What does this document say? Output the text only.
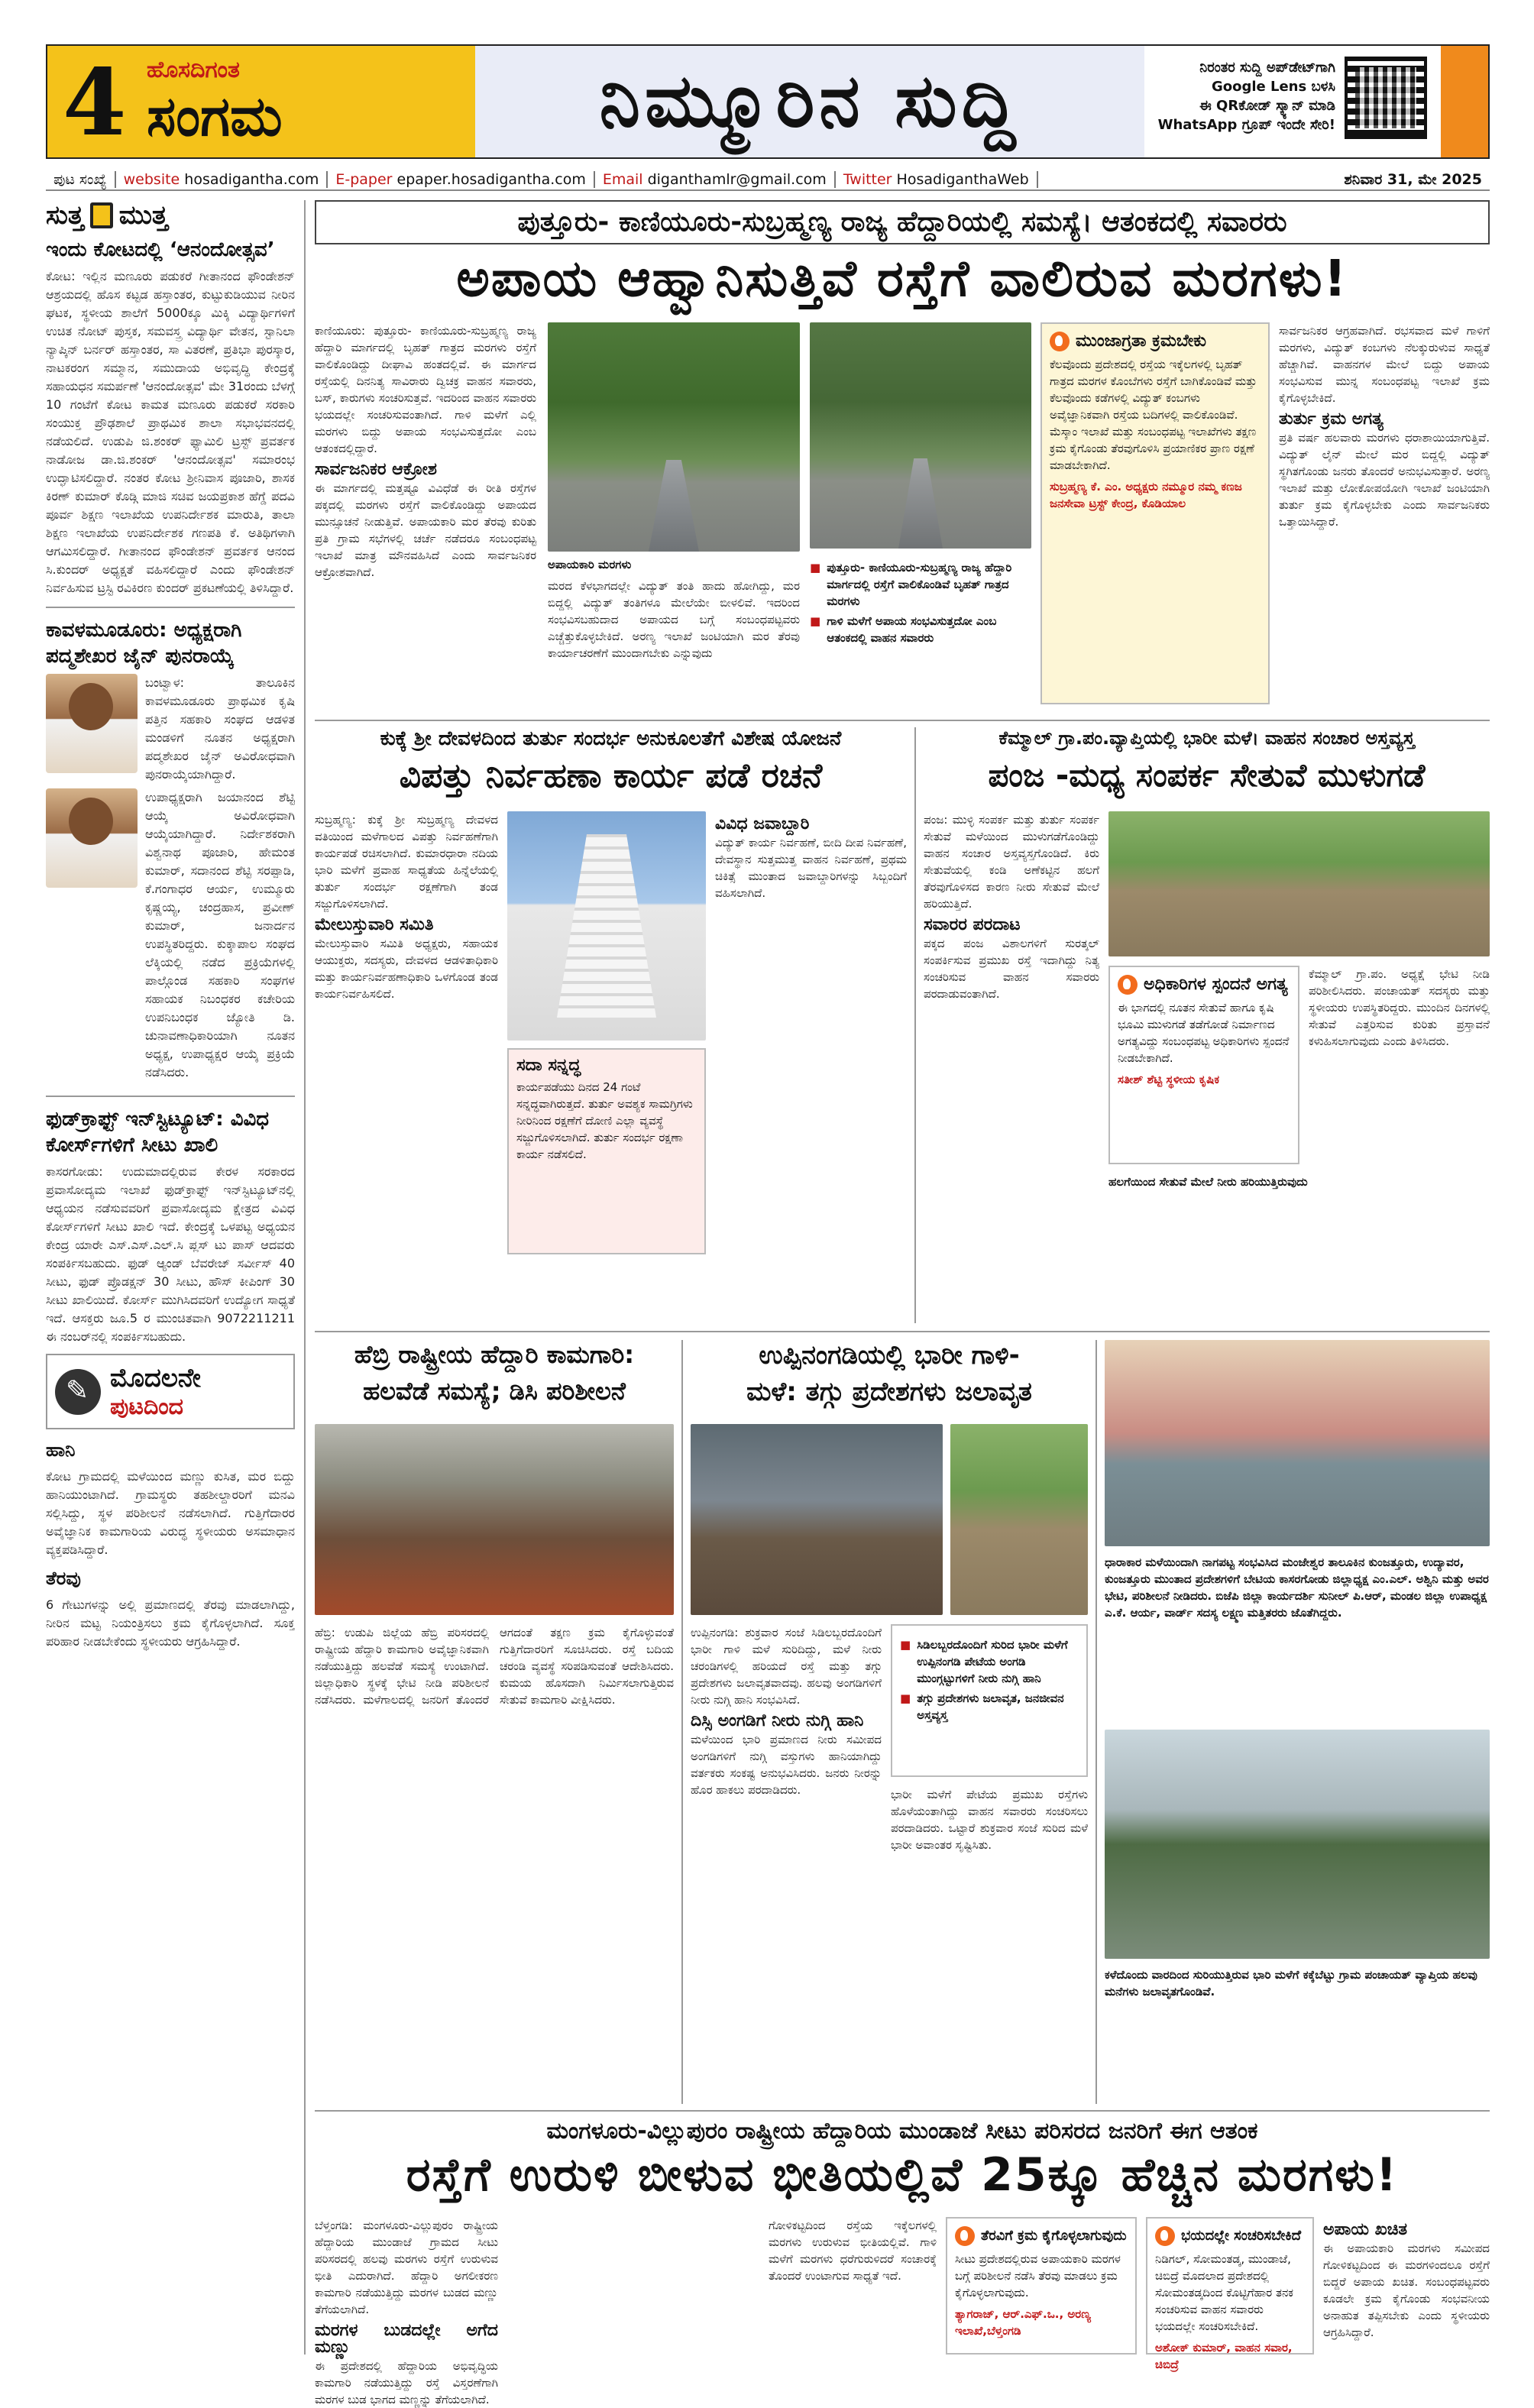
4 ಹೊಸದಿಗಂತ
ಸಂಗಮ	ನಿಮ್ಮೂರಿನ ಸುದ್ದಿ	ನಿರಂತರ ಸುದ್ದಿ ಅಪ್‌ಡೇಟ್‌ಗಾಗಿ
Google Lens ಬಳಸಿ
ಈ QRಕೋಡ್ ಸ್ಕ್ಯಾನ್ ಮಾಡಿ
WhatsApp ಗ್ರೂಪ್ ಇಂದೇ ಸೇರಿ!
ಪುಟ ಸಂಖ್ಯೆ	website hosadigantha.com	E-paper epaper.hosadigantha.com	Email diganthamlr@gmail.com	Twitter HosadiganthaWeb	ಶನಿವಾರ 31, ಮೇ 2025
ಸುತ್ತ ಮುತ್ತ
ಇಂದು ಕೋಟದಲ್ಲಿ ‘ಆನಂದೋತ್ಸವ’
ಕೋಟ: ಇಲ್ಲಿನ ಮಣೂರು ಪಡುಕರೆ ಗೀತಾನಂದ ಫೌಂಡೇಶನ್ ಆಶ್ರಯದಲ್ಲಿ ಹೊಸ ಕಟ್ಟಡ ಹಸ್ತಾಂತರ, ಕುಟ್ಟುಕುಡಿಯುವ ನೀರಿನ ಘಟಕ, ಸ್ಥಳೀಯ ಶಾಲೆಗೆ 5000ಕ್ಕೂ ಮಿಕ್ಕಿ ವಿದ್ಯಾರ್ಥಿಗಳಿಗೆ ಉಚಿತ ನೋಟ್ ಪುಸ್ತಕ, ಸಮವಸ್ತ್ರ ವಿದ್ಯಾರ್ಥಿ ವೇತನ, ಸ್ಟಾನಿಲಾ ನ್ಯಾಪ್ಕಿನ್ ಬರ್ನರ್ ಹಸ್ತಾಂತರ, ಸಾ ವಿತರಣೆ, ಪ್ರತಿಭಾ ಪುರಸ್ಕಾರ, ನಾಟಕರಂಗ ಸಮ್ಮಾನ, ಸಮುದಾಯ ಅಭಿವೃದ್ಧಿ ಕೇಂದ್ರಕ್ಕೆ ಸಹಾಯಧನ ಸಮರ್ಪಣೆ 'ಆನಂದೋತ್ಸವ' ಮೇ 31ರಂದು ಬೆಳಗ್ಗೆ 10 ಗಂಟೆಗೆ ಕೋಟ ಕಾಮತ ಮಣೂರು ಪಡುಕರೆ ಸರಕಾರಿ ಸಂಯುಕ್ತ ಪ್ರೌಢಶಾಲೆ ಪ್ರಾಥಮಿಕ ಶಾಲಾ ಸಭಾಭವನದಲ್ಲಿ ನಡೆಯಲಿದೆ. ಉಡುಪಿ ಜಿ.ಶಂಕರ್ ಫ್ಯಾಮಿಲಿ ಟ್ರಸ್ಟ್ ಪ್ರವರ್ತಕ ನಾಡೋಜ ಡಾ.ಜಿ.ಶಂಕರ್ 'ಆನಂದೋತ್ಸವ' ಸಮಾರಂಭ ಉದ್ಘಾಟಿಸಲಿದ್ದಾರೆ. ನಂತರ ಕೋಟ ಶ್ರೀನಿವಾಸ ಪೂಜಾರಿ, ಶಾಸಕ ಕಿರಣ್ ಕುಮಾರ್ ಕೊಡ್ಗಿ ಮಾಜಿ ಸಚಿವ ಜಯಪ್ರಕಾಶ ಹೆಗ್ಡೆ ಪದವಿ ಪೂರ್ವ ಶಿಕ್ಷಣ ಇಲಾಖೆಯ ಉಪನಿರ್ದೇಶಕ ಮಾರುತಿ, ತಾಲಾ ಶಿಕ್ಷಣ ಇಲಾಖೆಯ ಉಪನಿರ್ದೇಶಕ ಗಣಪತಿ ಕೆ. ಅತಿಥಿಗಳಾಗಿ ಆಗಮಿಸಲಿದ್ದಾರೆ. ಗೀತಾನಂದ ಫೌಂಡೇಶನ್ ಪ್ರವರ್ತಕ ಆನಂದ ಸಿ.ಕುಂದರ್ ಅಧ್ಯಕ್ಷತೆ ವಹಿಸಲಿದ್ದಾರೆ ಎಂದು ಫೌಂಡೇಶನ್ ನಿರ್ವಹಿಸುವ ಟ್ರಸ್ಟಿ ರವಿಕಿರಣ ಕುಂದರ್ ಪ್ರಕಟಣೆಯಲ್ಲಿ ತಿಳಿಸಿದ್ದಾರೆ.
ಕಾವಳಮೂಡೂರು: ಅಧ್ಯಕ್ಷರಾಗಿ ಪದ್ಮಶೇಖರ ಜೈನ್ ಪುನರಾಯ್ಕೆ
ಬಂಟ್ವಾಳ: ತಾಲೂಕಿನ ಕಾವಳಮೂಡೂರು ಪ್ರಾಥಮಿಕ ಕೃಷಿ ಪತ್ತಿನ ಸಹಕಾರಿ ಸಂಘದ ಆಡಳಿತ ಮಂಡಳಿಗೆ ನೂತನ ಅಧ್ಯಕ್ಷರಾಗಿ ಪದ್ಮಶೇಖರ ಜೈನ್ ಅವಿರೋಧವಾಗಿ ಪುನರಾಯ್ಕೆಯಾಗಿದ್ದಾರೆ.
ಉಪಾಧ್ಯಕ್ಷರಾಗಿ ಜಯಾನಂದ ಶೆಟ್ಟಿ ಆಯ್ಕೆ ಅವಿರೋಧವಾಗಿ ಆಯ್ಕೆಯಾಗಿದ್ದಾರೆ. ನಿರ್ದೇಶಕರಾಗಿ ವಿಶ್ವನಾಥ ಪೂಜಾರಿ, ಹೇಮಂತ ಕುಮಾರ್, ಸದಾನಂದ ಶೆಟ್ಟಿ ಸರಪ್ಪಾಡಿ, ಕೆ.ಗಂಗಾಧರ ಆರ್ಯ, ಉಮ್ಮೂರು ಕೃಷ್ಣಯ್ಯ, ಚಂದ್ರಹಾಸ, ಪ್ರವೀಣ್ ಕುಮಾರ್, ಜನಾರ್ದನ ಉಪಸ್ಥಿತರಿದ್ದರು. ಕುಕ್ಕಾಪಾಲ ಸಂಘದ ಲೆಕ್ಕಿಯಲ್ಲಿ ನಡೆದ ಪ್ರಕ್ರಿಯೆಗಳಲ್ಲಿ ಪಾಲ್ಗೊಂಡ ಸಹಕಾರಿ ಸಂಘಗಳ ಸಹಾಯಕ ನಿಬಂಧಕರ ಕಚೇರಿಯ ಉಪನಿಬಂಧಕ ಜ್ಯೋತಿ ಡಿ. ಚುನಾವಣಾಧಿಕಾರಿಯಾಗಿ ನೂತನ ಅಧ್ಯಕ್ಷ, ಉಪಾಧ್ಯಕ್ಷರ ಆಯ್ಕೆ ಪ್ರಕ್ರಿಯೆ ನಡೆಸಿದರು.
ಫುಡ್‌ಕ್ರಾಫ್ಟ್ ಇನ್‌ಸ್ಟಿಟ್ಯೂಟ್: ವಿವಿಧ ಕೋರ್ಸ್‌ಗಳಿಗೆ ಸೀಟು ಖಾಲಿ
ಕಾಸರಗೋಡು: ಉದುಮಾದಲ್ಲಿರುವ ಕೇರಳ ಸರಕಾರದ ಪ್ರವಾಸೋದ್ಯಮ ಇಲಾಖೆ ಫುಡ್‌ಕ್ರಾಫ್ಟ್ ಇನ್‌ಸ್ಟಿಟ್ಯೂಟ್‌ನಲ್ಲಿ ಆಧ್ಯಯನ ನಡೆಸುವವರಿಗೆ ಪ್ರವಾಸೋದ್ಯಮ ಕ್ಷೇತ್ರದ ವಿವಿಧ ಕೋರ್ಸ್‌ಗಳಿಗೆ ಸೀಟು ಖಾಲಿ ಇದೆ. ಕೇಂದ್ರಕ್ಕೆ ಒಳಪಟ್ಟ ಅಧ್ಯಯನ ಕೇಂದ್ರ ಯಾರೇ ಎಸ್.ಎಸ್.ಎಲ್.ಸಿ ಪ್ಲಸ್ ಟು ಪಾಸ್ ಆದವರು ಸಂಪರ್ಕಿಸಬಹುದು. ಫುಡ್ ಆ್ಯಂಡ್ ಬೆವರೇಜ್ ಸರ್ವೀಸ್ 40 ಸೀಟು, ಫುಡ್ ಪ್ರೊಡಕ್ಷನ್ 30 ಸೀಟು, ಹೌಸ್ ಕೀಪಿಂಗ್ 30 ಸೀಟು ಖಾಲಿಯಿದೆ. ಕೋರ್ಸ್ ಮುಗಿಸಿದವರಿಗೆ ಉದ್ಯೋಗ ಸಾಧ್ಯತೆ ಇದೆ. ಆಸಕ್ತರು ಜೂ.5 ರ ಮುಂಚಿತವಾಗಿ 9072211211 ಈ ನಂಬರ್‌ನಲ್ಲಿ ಸಂಪರ್ಕಿಸಬಹುದು.
✎
ಮೊದಲನೇ
ಪುಟದಿಂದ
ಹಾನಿ
ಕೋಟ ಗ್ರಾಮದಲ್ಲಿ ಮಳೆಯಿಂದ ಮಣ್ಣು ಕುಸಿತ, ಮರ ಬಿದ್ದು ಹಾನಿಯುಂಟಾಗಿದೆ. ಗ್ರಾಮಸ್ಥರು ತಹಶೀಲ್ದಾರರಿಗೆ ಮನವಿ ಸಲ್ಲಿಸಿದ್ದು, ಸ್ಥಳ ಪರಿಶೀಲನೆ ನಡೆಸಲಾಗಿದೆ. ಗುತ್ತಿಗೆದಾರರ ಅವೈಜ್ಞಾನಿಕ ಕಾಮಗಾರಿಯ ವಿರುದ್ಧ ಸ್ಥಳೀಯರು ಅಸಮಾಧಾನ ವ್ಯಕ್ತಪಡಿಸಿದ್ದಾರೆ.
ತೆರವು
6 ಗೇಟುಗಳನ್ನು ಅಲ್ಲಿ ಪ್ರಮಾಣದಲ್ಲಿ ತೆರವು ಮಾಡಲಾಗಿದ್ದು, ನೀರಿನ ಮಟ್ಟ ನಿಯಂತ್ರಿಸಲು ಕ್ರಮ ಕೈಗೊಳ್ಳಲಾಗಿದೆ. ಸೂಕ್ತ ಪರಿಹಾರ ನೀಡಬೇಕೆಂದು ಸ್ಥಳೀಯರು ಆಗ್ರಹಿಸಿದ್ದಾರೆ.
ಪುತ್ತೂರು- ಕಾಣಿಯೂರು-ಸುಬ್ರಹ್ಮಣ್ಯ ರಾಜ್ಯ ಹೆದ್ದಾರಿಯಲ್ಲಿ ಸಮಸ್ಯೆ। ಆತಂಕದಲ್ಲಿ ಸವಾರರು
ಅಪಾಯ ಆಹ್ವಾನಿಸುತ್ತಿವೆ ರಸ್ತೆಗೆ ವಾಲಿರುವ ಮರಗಳು!
ಕಾಣಿಯೂರು: ಪುತ್ತೂರು- ಕಾಣಿಯೂರು-ಸುಬ್ರಹ್ಮಣ್ಯ ರಾಜ್ಯ ಹೆದ್ದಾರಿ ಮಾರ್ಗದಲ್ಲಿ ಬೃಹತ್ ಗಾತ್ರದ ಮರಗಳು ರಸ್ತೆಗೆ ವಾಲಿಕೊಂಡಿದ್ದು ದೀಘಾವಿ ಹಂತದಲ್ಲಿವೆ. ಈ ಮಾರ್ಗದ ರಸ್ತೆಯಲ್ಲಿ ದಿನನಿತ್ಯ ಸಾವಿರಾರು ದ್ವಿಚಕ್ರ ವಾಹನ ಸವಾರರು, ಬಸ್, ಕಾರುಗಳು ಸಂಚರಿಸುತ್ತವೆ. ಇದರಿಂದ ವಾಹನ ಸವಾರರು ಭಯದಲ್ಲೇ ಸಂಚರಿಸುವಂತಾಗಿದೆ. ಗಾಳಿ ಮಳೆಗೆ ಎಲ್ಲಿ ಮರಗಳು ಬಿದ್ದು ಅಪಾಯ ಸಂಭವಿಸುತ್ತದೋ ಎಂಬ ಆತಂಕದಲ್ಲಿದ್ದಾರೆ.
ಸಾರ್ವಜನಿಕರ ಆಕ್ರೋಶ
ಈ ಮಾರ್ಗದಲ್ಲಿ ಮತ್ತಷ್ಟೂ ವಿವಿಧೆಡೆ ಈ ರೀತಿ ರಸ್ತೆಗಳ ಪಕ್ಕದಲ್ಲಿ ಮರಗಳು ರಸ್ತೆಗೆ ವಾಲಿಕೊಂಡಿದ್ದು ಅಪಾಯದ ಮುನ್ಸೂಚನೆ ನೀಡುತ್ತಿವೆ. ಅಪಾಯಕಾರಿ ಮರ ತೆರವು ಕುರಿತು ಪ್ರತಿ ಗ್ರಾಮ ಸಭೆಗಳಲ್ಲಿ ಚರ್ಚೆ ನಡೆದರೂ ಸಂಬಂಧಪಟ್ಟ ಇಲಾಖೆ ಮಾತ್ರ ಮೌನವಹಿಸಿದೆ ಎಂದು ಸಾರ್ವಜನಿಕರ ಆಕ್ರೋಶವಾಗಿದೆ.
ಅಪಾಯಕಾರಿ ಮರಗಳು
ಮರದ ಕೆಳಭಾಗದಲ್ಲೇ ವಿದ್ಯುತ್ ತಂತಿ ಹಾದು ಹೋಗಿದ್ದು, ಮರ ಬಿದ್ದಲ್ಲಿ ವಿದ್ಯುತ್ ತಂತಿಗಳೂ ಮೇಲೆಯೇ ಬೀಳಲಿವೆ. ಇದರಿಂದ ಸಂಭವಿಸಬಹುದಾದ ಅಪಾಯದ ಬಗ್ಗೆ ಸಂಬಂಧಪಟ್ಟವರು ಎಚ್ಚೆತ್ತುಕೊಳ್ಳಬೇಕಿದೆ. ಅರಣ್ಯ ಇಲಾಖೆ ಜಂಟಿಯಾಗಿ ಮರ ತೆರವು ಕಾರ್ಯಾಚರಣೆಗೆ ಮುಂದಾಗಬೇಕು ಎನ್ನುವುದು
■ ಪುತ್ತೂರು- ಕಾಣಿಯೂರು-ಸುಬ್ರಹ್ಮಣ್ಯ ರಾಜ್ಯ ಹೆದ್ದಾರಿ ಮಾರ್ಗದಲ್ಲಿ ರಸ್ತೆಗೆ ವಾಲಿಕೊಂಡಿವೆ ಬೃಹತ್ ಗಾತ್ರದ ಮರಗಳು
■ ಗಾಳಿ ಮಳೆಗೆ ಅಪಾಯ ಸಂಭವಿಸುತ್ತದೋ ಎಂಬ ಆತಂಕದಲ್ಲಿ ವಾಹನ ಸವಾರರು
ಮುಂಜಾಗ್ರತಾ ಕ್ರಮಬೇಕು
ಕೆಲವೊಂದು ಪ್ರದೇಶದಲ್ಲಿ ರಸ್ತೆಯ ಇಕ್ಕೆಲಗಳಲ್ಲಿ ಬೃಹತ್ ಗಾತ್ರದ ಮರಗಳ ಕೊಂಬೆಗಳು ರಸ್ತೆಗೆ ಬಾಗಿಕೊಂಡಿವೆ ಮತ್ತು ಕೆಲವೊಂದು ಕಡೆಗಳಲ್ಲಿ ವಿದ್ಯುತ್ ಕಂಬಗಳು ಅವೈಜ್ಞಾನಿಕವಾಗಿ ರಸ್ತೆಯ ಬದಿಗಳಲ್ಲಿ ವಾಲಿಕೊಂಡಿವೆ. ಮೆಸ್ಕಾಂ ಇಲಾಖೆ ಮತ್ತು ಸಂಬಂಧಪಟ್ಟ ಇಲಾಖೆಗಳು ತಕ್ಷಣ ಕ್ರಮ ಕೈಗೊಂಡು ತೆರವುಗೊಳಿಸಿ ಪ್ರಯಾಣಿಕರ ಪ್ರಾಣ ರಕ್ಷಣೆ ಮಾಡಬೇಕಾಗಿದೆ.
ಸುಬ್ರಹ್ಮಣ್ಯ ಕೆ. ಎಂ. ಅಧ್ಯಕ್ಷರು ನಮ್ಮೂರ ನಮ್ಮ ಕಣಜ ಜನಸೇವಾ ಟ್ರಸ್ಟ್ ಕೇಂದ್ರ, ಕೊಡಿಯಾಲ
ಸಾರ್ವಜನಿಕರ ಆಗ್ರಹವಾಗಿದೆ. ರಭಸವಾದ ಮಳೆ ಗಾಳಿಗೆ ಮರಗಳು, ವಿದ್ಯುತ್ ಕಂಬಗಳು ನೆಲಕ್ಕುರುಳುವ ಸಾಧ್ಯತೆ ಹೆಚ್ಚಾಗಿವೆ. ವಾಹನಗಳ ಮೇಲೆ ಬಿದ್ದು ಅಪಾಯ ಸಂಭವಿಸುವ ಮುನ್ನ ಸಂಬಂಧಪಟ್ಟ ಇಲಾಖೆ ಕ್ರಮ ಕೈಗೊಳ್ಳಬೇಕಿದೆ.
ತುರ್ತು ಕ್ರಮ ಅಗತ್ಯ
ಪ್ರತಿ ವರ್ಷ ಹಲವಾರು ಮರಗಳು ಧರಾಶಾಯಿಯಾಗುತ್ತಿವೆ. ವಿದ್ಯುತ್ ಲೈನ್ ಮೇಲೆ ಮರ ಬಿದ್ದಲ್ಲಿ ವಿದ್ಯುತ್ ಸ್ಥಗಿತಗೊಂಡು ಜನರು ತೊಂದರೆ ಅನುಭವಿಸುತ್ತಾರೆ. ಅರಣ್ಯ ಇಲಾಖೆ ಮತ್ತು ಲೋಕೋಪಯೋಗಿ ಇಲಾಖೆ ಜಂಟಿಯಾಗಿ ತುರ್ತು ಕ್ರಮ ಕೈಗೊಳ್ಳಬೇಕು ಎಂದು ಸಾರ್ವಜನಿಕರು ಒತ್ತಾಯಿಸಿದ್ದಾರೆ.
ಕುಕ್ಕೆ ಶ್ರೀ ದೇವಳದಿಂದ ತುರ್ತು ಸಂದರ್ಭ ಅನುಕೂಲತೆಗೆ ವಿಶೇಷ ಯೋಜನೆ
ವಿಪತ್ತು ನಿರ್ವಹಣಾ ಕಾರ್ಯ ಪಡೆ ರಚನೆ
ಸುಬ್ರಹ್ಮಣ್ಯ: ಕುಕ್ಕೆ ಶ್ರೀ ಸುಬ್ರಹ್ಮಣ್ಯ ದೇವಳದ ವತಿಯಿಂದ ಮಳೆಗಾಲದ ವಿಪತ್ತು ನಿರ್ವಹಣೆಗಾಗಿ ಕಾರ್ಯಪಡೆ ರಚಿಸಲಾಗಿದೆ. ಕುಮಾರಧಾರಾ ನದಿಯ ಭಾರಿ ಮಳೆಗೆ ಪ್ರವಾಹ ಸಾಧ್ಯತೆಯ ಹಿನ್ನೆಲೆಯಲ್ಲಿ ತುರ್ತು ಸಂದರ್ಭ ರಕ್ಷಣೆಗಾಗಿ ತಂಡ ಸಜ್ಜುಗೊಳಿಸಲಾಗಿದೆ.
ಮೇಲುಸ್ತುವಾರಿ ಸಮಿತಿ
ಮೇಲುಸ್ತುವಾರಿ ಸಮಿತಿ ಅಧ್ಯಕ್ಷರು, ಸಹಾಯಕ ಆಯುಕ್ತರು, ಸದಸ್ಯರು, ದೇವಳದ ಆಡಳಿತಾಧಿಕಾರಿ ಮತ್ತು ಕಾರ್ಯನಿರ್ವಹಣಾಧಿಕಾರಿ ಒಳಗೊಂಡ ತಂಡ ಕಾರ್ಯನಿರ್ವಹಿಸಲಿದೆ.
ಸದಾ ಸನ್ನದ್ಧ
ಕಾರ್ಯಪಡೆಯು ದಿನದ 24 ಗಂಟೆ ಸನ್ನದ್ಧವಾಗಿರುತ್ತದೆ. ತುರ್ತು ಅವಶ್ಯಕ ಸಾಮಗ್ರಿಗಳು ನೀರಿನಿಂದ ರಕ್ಷಣೆಗೆ ದೋಣಿ ಎಲ್ಲಾ ವ್ಯವಸ್ಥೆ ಸಜ್ಜುಗೊಳಿಸಲಾಗಿದೆ. ತುರ್ತು ಸಂದರ್ಭ ರಕ್ಷಣಾ ಕಾರ್ಯ ನಡೆಸಲಿದೆ.
ವಿವಿಧ ಜವಾಬ್ದಾರಿ
ವಿದ್ಯುತ್ ಕಾರ್ಯ ನಿರ್ವಹಣೆ, ಬೀದಿ ದೀಪ ನಿರ್ವಹಣೆ, ದೇವಸ್ಥಾನ ಸುತ್ತಮುತ್ತ ವಾಹನ ನಿರ್ವಹಣೆ, ಪ್ರಥಮ ಚಿಕಿತ್ಸೆ ಮುಂತಾದ ಜವಾಬ್ದಾರಿಗಳನ್ನು ಸಿಬ್ಬಂದಿಗೆ ವಹಿಸಲಾಗಿದೆ.
ಕೆಮ್ಮಾಲ್ ಗ್ರಾ.ಪಂ.ವ್ಯಾಪ್ತಿಯಲ್ಲಿ ಭಾರೀ ಮಳೆ। ವಾಹನ ಸಂಚಾರ ಅಸ್ತವ್ಯಸ್ತ
ಪಂಜ -ಮಧ್ಯ ಸಂಪರ್ಕ ಸೇತುವೆ ಮುಳುಗಡೆ
ಪಂಜ: ಮುಳ್ಳಿ ಸಂಪರ್ಕ ಮತ್ತು ತುರ್ತು ಸಂಪರ್ಕ ಸೇತುವೆ ಮಳೆಯಿಂದ ಮುಳುಗಡೆಗೊಂಡಿದ್ದು ವಾಹನ ಸಂಚಾರ ಅಸ್ತವ್ಯಸ್ತಗೊಂಡಿದೆ. ಕಿರು ಸೇತುವೆಯಲ್ಲಿ ಕಂಡಿ ಅಣೆಕಟ್ಟಿನ ಹಲಗೆ ತೆರವುಗೊಳಿಸದ ಕಾರಣ ನೀರು ಸೇತುವೆ ಮೇಲೆ ಹರಿಯುತ್ತಿದೆ.
ಸವಾರರ ಪರದಾಟ
ಪಕ್ಕದ ಪಂಜ ವಿಶಾಲಗಳಿಗೆ ಸುರತ್ಕಲ್ ಸಂಪರ್ಕಿಸುವ ಪ್ರಮುಖ ರಸ್ತೆ ಇದಾಗಿದ್ದು ನಿತ್ಯ ಸಂಚರಿಸುವ ವಾಹನ ಸವಾರರು ಪರದಾಡುವಂತಾಗಿದೆ.	ಅಧಿಕಾರಿಗಳ ಸ್ಪಂದನೆ ಅಗತ್ಯ
ಈ ಭಾಗದಲ್ಲಿ ನೂತನ ಸೇತುವೆ ಹಾಗೂ ಕೃಷಿ ಭೂಮಿ ಮುಳುಗಡೆ ತಡೆಗೋಡೆ ನಿರ್ಮಾಣದ ಅಗತ್ಯವಿದ್ದು ಸಂಬಂಧಪಟ್ಟ ಅಧಿಕಾರಿಗಳು ಸ್ಪಂದನೆ ನೀಡಬೇಕಾಗಿದೆ.
ಸತೀಶ್ ಶೆಟ್ಟಿ ಸ್ಥಳೀಯ ಕೃಷಿಕ
ಕೆಮ್ಮಾಲ್ ಗ್ರಾ.ಪಂ. ಅಧ್ಯಕ್ಷೆ ಭೇಟಿ ನೀಡಿ ಪರಿಶೀಲಿಸಿದರು. ಪಂಚಾಯತ್ ಸದಸ್ಯರು ಮತ್ತು ಸ್ಥಳೀಯರು ಉಪಸ್ಥಿತರಿದ್ದರು. ಮುಂದಿನ ದಿನಗಳಲ್ಲಿ ಸೇತುವೆ ಎತ್ತರಿಸುವ ಕುರಿತು ಪ್ರಸ್ತಾವನೆ ಕಳುಹಿಸಲಾಗುವುದು ಎಂದು ತಿಳಿಸಿದರು.
ಹಲಗೆಯಿಂದ ಸೇತುವೆ ಮೇಲೆ ನೀರು ಹರಿಯುತ್ತಿರುವುದು
ಹೆಬ್ರಿ ರಾಷ್ಟ್ರೀಯ ಹೆದ್ದಾರಿ ಕಾಮಗಾರಿ:
ಹಲವೆಡೆ ಸಮಸ್ಯೆ; ಡಿಸಿ ಪರಿಶೀಲನೆ
ಹೆಬ್ರಿ: ಉಡುಪಿ ಜಿಲ್ಲೆಯ ಹೆಬ್ರಿ ಪರಿಸರದಲ್ಲಿ ರಾಷ್ಟ್ರೀಯ ಹೆದ್ದಾರಿ ಕಾಮಗಾರಿ ಅವೈಜ್ಞಾನಿಕವಾಗಿ ನಡೆಯುತ್ತಿದ್ದು ಹಲವೆಡೆ ಸಮಸ್ಯೆ ಉಂಟಾಗಿದೆ. ಜಿಲ್ಲಾಧಿಕಾರಿ ಸ್ಥಳಕ್ಕೆ ಭೇಟಿ ನೀಡಿ ಪರಿಶೀಲನೆ ನಡೆಸಿದರು. ಮಳೆಗಾಲದಲ್ಲಿ ಜನರಿಗೆ ತೊಂದರೆ ಆಗದಂತೆ ತಕ್ಷಣ ಕ್ರಮ ಕೈಗೊಳ್ಳುವಂತೆ ಗುತ್ತಿಗೆದಾರರಿಗೆ ಸೂಚಿಸಿದರು. ರಸ್ತೆ ಬದಿಯ ಚರಂಡಿ ವ್ಯವಸ್ಥೆ ಸರಿಪಡಿಸುವಂತೆ ಆದೇಶಿಸಿದರು. ಕುಮಯ ಹೊಸದಾಗಿ ನಿರ್ಮಿಸಲಾಗುತ್ತಿರುವ ಸೇತುವೆ ಕಾಮಗಾರಿ ವೀಕ್ಷಿಸಿದರು.
ಉಪ್ಪಿನಂಗಡಿಯಲ್ಲಿ ಭಾರೀ ಗಾಳಿ-
ಮಳೆ: ತಗ್ಗು ಪ್ರದೇಶಗಳು ಜಲಾವೃತ
ಉಪ್ಪಿನಂಗಡಿ: ಶುಕ್ರವಾರ ಸಂಜೆ ಸಿಡಿಲಬ್ಬರದೊಂದಿಗೆ ಭಾರೀ ಗಾಳಿ ಮಳೆ ಸುರಿದಿದ್ದು, ಮಳೆ ನೀರು ಚರಂಡಿಗಳಲ್ಲಿ ಹರಿಯದೆ ರಸ್ತೆ ಮತ್ತು ತಗ್ಗು ಪ್ರದೇಶಗಳು ಜಲಾವೃತವಾದವು. ಹಲವು ಅಂಗಡಿಗಳಿಗೆ ನೀರು ನುಗ್ಗಿ ಹಾನಿ ಸಂಭವಿಸಿದೆ.
ದಿಸ್ಸಿ ಅಂಗಡಿಗೆ ನೀರು ನುಗ್ಗಿ ಹಾನಿ
ಮಳೆಯಿಂದ ಭಾರಿ ಪ್ರಮಾಣದ ನೀರು ಸಮೀಪದ ಅಂಗಡಿಗಳಿಗೆ ನುಗ್ಗಿ ವಸ್ತುಗಳು ಹಾನಿಯಾಗಿದ್ದು ವರ್ತಕರು ಸಂಕಷ್ಟ ಅನುಭವಿಸಿದರು. ಜನರು ನೀರನ್ನು ಹೊರ ಹಾಕಲು ಪರದಾಡಿದರು.
■ ಸಿಡಿಲಬ್ಬರದೊಂದಿಗೆ ಸುರಿದ ಭಾರೀ ಮಳೆಗೆ ಉಪ್ಪಿನಂಗಡಿ ಪೇಟೆಯ ಅಂಗಡಿ ಮುಂಗ್ಗಟ್ಟುಗಳಿಗೆ ನೀರು ನುಗ್ಗಿ ಹಾನಿ
■ ತಗ್ಗು ಪ್ರದೇಶಗಳು ಜಲಾವೃತ, ಜನಜೀವನ ಅಸ್ತವ್ಯಸ್ತ
ಭಾರೀ ಮಳೆಗೆ ಪೇಟೆಯ ಪ್ರಮುಖ ರಸ್ತೆಗಳು ಹೊಳೆಯಂತಾಗಿದ್ದು ವಾಹನ ಸವಾರರು ಸಂಚರಿಸಲು ಪರದಾಡಿದರು. ಒಟ್ಟಾರೆ ಶುಕ್ರವಾರ ಸಂಜೆ ಸುರಿದ ಮಳೆ ಭಾರೀ ಅವಾಂತರ ಸೃಷ್ಟಿಸಿತು.
ಧಾರಾಕಾರ ಮಳೆಯಿಂದಾಗಿ ನಾಗಪಟ್ಟ ಸಂಭವಿಸಿದ ಮಂಜೇಶ್ವರ ತಾಲೂಕಿನ ಕುಂಜತ್ತೂರು, ಉದ್ಯಾವರ, ಕುಂಜತ್ತೂರು ಮುಂತಾದ ಪ್ರದೇಶಗಳಿಗೆ ಬೇಟಿಯ ಕಾಸರಗೋಡು ಜಿಲ್ಲಾಧ್ಯಕ್ಷ ಎಂ.ಎಲ್. ಅಶ್ವಿನಿ ಮತ್ತು ಅವರ ಭೇಟಿ, ಪರಿಶೀಲನೆ ನೀಡಿದರು. ಬಿಜೆಪಿ ಜಿಲ್ಲಾ ಕಾರ್ಯದರ್ಶಿ ಸುನೀಲ್ ಪಿ.ಆರ್, ಮಂಡಲ ಜಿಲ್ಲಾ ಉಪಾಧ್ಯಕ್ಷ ಎ.ಕೆ. ಆರ್ಯ, ವಾರ್ಡ್ ಸದಸ್ಯ ಲಕ್ಷ್ಮಣ ಮತ್ತಿತರರು ಜೊತೆಗಿದ್ದರು.
ಕಳೆದೊಂದು ವಾರದಿಂದ ಸುರಿಯುತ್ತಿರುವ ಭಾರಿ ಮಳೆಗೆ ಕಕ್ಕೆಬೆಟ್ಟು ಗ್ರಾಮ ಪಂಚಾಯತ್ ವ್ಯಾಪ್ತಿಯ ಹಲವು ಮನೆಗಳು ಜಲಾವೃತಗೊಂಡಿವೆ.
ಮಂಗಳೂರು-ವಿಲ್ಲುಪುರಂ ರಾಷ್ಟ್ರೀಯ ಹೆದ್ದಾರಿಯ ಮುಂಡಾಜೆ ಸೀಟು ಪರಿಸರದ ಜನರಿಗೆ ಈಗ ಆತಂಕ
ರಸ್ತೆಗೆ ಉರುಳಿ ಬೀಳುವ ಭೀತಿಯಲ್ಲಿವೆ 25ಕ್ಕೂ ಹೆಚ್ಚಿನ ಮರಗಳು!
ಬೆಳ್ತಂಗಡಿ: ಮಂಗಳೂರು-ವಿಲ್ಲುಪುರಂ ರಾಷ್ಟ್ರೀಯ ಹೆದ್ದಾರಿಯ ಮುಂಡಾಜೆ ಗ್ರಾಮದ ಸೀಟು ಪರಿಸರದಲ್ಲಿ ಹಲವು ಮರಗಳು ರಸ್ತೆಗೆ ಉರುಳುವ ಭೀತಿ ಎದುರಾಗಿದೆ. ಹೆದ್ದಾರಿ ಅಗಲೀಕರಣ ಕಾಮಗಾರಿ ನಡೆಯುತ್ತಿದ್ದು ಮರಗಳ ಬುಡದ ಮಣ್ಣು ತೆಗೆಯಲಾಗಿದೆ.
ಮರಗಳ ಬುಡದಲ್ಲೇ ಅಗೆದ ಮಣ್ಣು
ಈ ಪ್ರದೇಶದಲ್ಲಿ ಹೆದ್ದಾರಿಯ ಅಭಿವೃದ್ಧಿಯ ಕಾಮಗಾರಿ ನಡೆಯುತ್ತಿದ್ದು ರಸ್ತೆ ವಿಸ್ತರಣೆಗಾಗಿ ಮರಗಳ ಬುಡ ಭಾಗದ ಮಣ್ಣನ್ನು ತೆಗೆಯಲಾಗಿದೆ.
ಗೋಳಿಕಟ್ಟದಿಂದ ರಸ್ತೆಯ ಇಕ್ಕೆಲಗಳಲ್ಲಿ ಮರಗಳು ಉರುಳುವ ಭೀತಿಯಲ್ಲಿವೆ. ಗಾಳಿ ಮಳೆಗೆ ಮರಗಳು ಧರೆಗುರುಳಿದರೆ ಸಂಚಾರಕ್ಕೆ ತೊಂದರೆ ಉಂಟಾಗುವ ಸಾಧ್ಯತೆ ಇದೆ.
ತೆರವಿಗೆ ಕ್ರಮ ಕೈಗೊಳ್ಳಲಾಗುವುದು
ಸೀಟು ಪ್ರದೇಶದಲ್ಲಿರುವ ಅಪಾಯಕಾರಿ ಮರಗಳ ಬಗ್ಗೆ ಪರಿಶೀಲನೆ ನಡೆಸಿ ತೆರವು ಮಾಡಲು ಕ್ರಮ ಕೈಗೊಳ್ಳಲಾಗುವುದು.
ತ್ಯಾಗರಾಜ್, ಆರ್.ಎಫ್.ಒ., ಅರಣ್ಯ ಇಲಾಖೆ,ಬೆಳ್ತಂಗಡಿ
ಭಯದಲ್ಲೇ ಸಂಚರಿಸಬೇಕಿದೆ
ನಿಡಿಗಲ್, ಸೋಮಂತಡ್ಕ, ಮುಂಡಾಜೆ, ಚಿಬಿದ್ರೆ ಮೊದಲಾದ ಪ್ರದೇಶದಲ್ಲಿ ಸೋಮಂತಡ್ಕದಿಂದ ಕೊಟ್ಟಿಗೆಹಾರ ತನಕ ಸಂಚರಿಸುವ ವಾಹನ ಸವಾರರು ಭಯದಲ್ಲೇ ಸಂಚರಿಸಬೇಕಿದೆ.
ಅಶೋಕ್ ಕುಮಾರ್, ವಾಹನ ಸವಾರ, ಚಿಬಿದ್ರೆ
ಅಪಾಯ ಖಚಿತ
ಈ ಅಪಾಯಕಾರಿ ಮರಗಳು ಸಮೀಪದ ಗೋಳಿಕಟ್ಟದಿಂದ ಈ ಮರಗಳಿಂದಲೂ ರಸ್ತೆಗೆ ಬಿದ್ದರೆ ಅಪಾಯ ಖಚಿತ. ಸಂಬಂಧಪಟ್ಟವರು ಕೂಡಲೇ ಕ್ರಮ ಕೈಗೊಂಡು ಸಂಭವನೀಯ ಅನಾಹುತ ತಪ್ಪಿಸಬೇಕು ಎಂದು ಸ್ಥಳೀಯರು ಆಗ್ರಹಿಸಿದ್ದಾರೆ.
